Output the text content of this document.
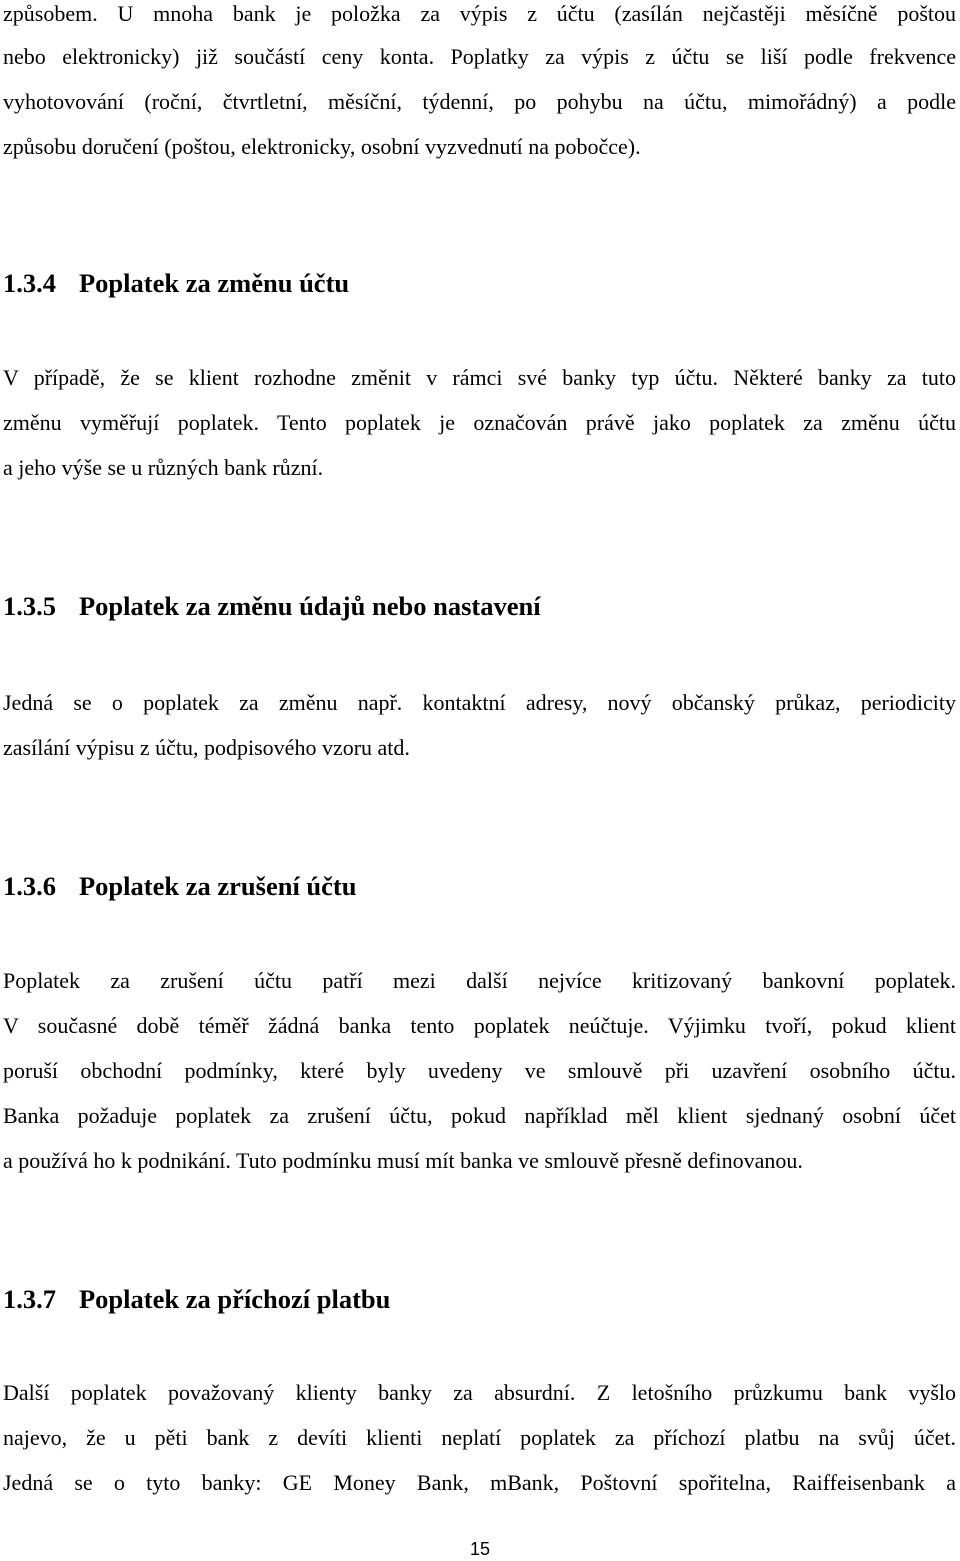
způsobem. U mnoha bank je položka za výpis z účtu (zasílán nejčastěji měsíčně poštou
nebo elektronicky) již součástí ceny konta. Poplatky za výpis z účtu se liší podle frekvence
vyhotovování (roční, čtvrtletní, měsíční, týdenní, po pohybu na účtu, mimořádný) a podle
způsobu doručení (poštou, elektronicky, osobní vyzvednutí na pobočce).
1.3.4 Poplatek za změnu účtu
V případě, že se klient rozhodne změnit v rámci své banky typ účtu. Některé banky za tuto
změnu vyměřují poplatek. Tento poplatek je označován právě jako poplatek za změnu účtu
a jeho výše se u různých bank různí.
1.3.5 Poplatek za změnu údajů nebo nastavení
Jedná se o poplatek za změnu např. kontaktní adresy, nový občanský průkaz, periodicity
zasílání výpisu z účtu, podpisového vzoru atd.
1.3.6 Poplatek za zrušení účtu
Poplatek za zrušení účtu patří mezi další nejvíce kritizovaný bankovní poplatek.
V současné době téměř žádná banka tento poplatek neúčtuje. Výjimku tvoří, pokud klient
poruší obchodní podmínky, které byly uvedeny ve smlouvě při uzavření osobního účtu.
Banka požaduje poplatek za zrušení účtu, pokud například měl klient sjednaný osobní účet
a používá ho k podnikání. Tuto podmínku musí mít banka ve smlouvě přesně definovanou.
1.3.7 Poplatek za příchozí platbu
Další poplatek považovaný klienty banky za absurdní. Z letošního průzkumu bank vyšlo
najevo, že u pěti bank z devíti klienti neplatí poplatek za příchozí platbu na svůj účet.
Jedná se o tyto banky: GE Money Bank, mBank, Poštovní spořitelna, Raiffeisenbank a
15
